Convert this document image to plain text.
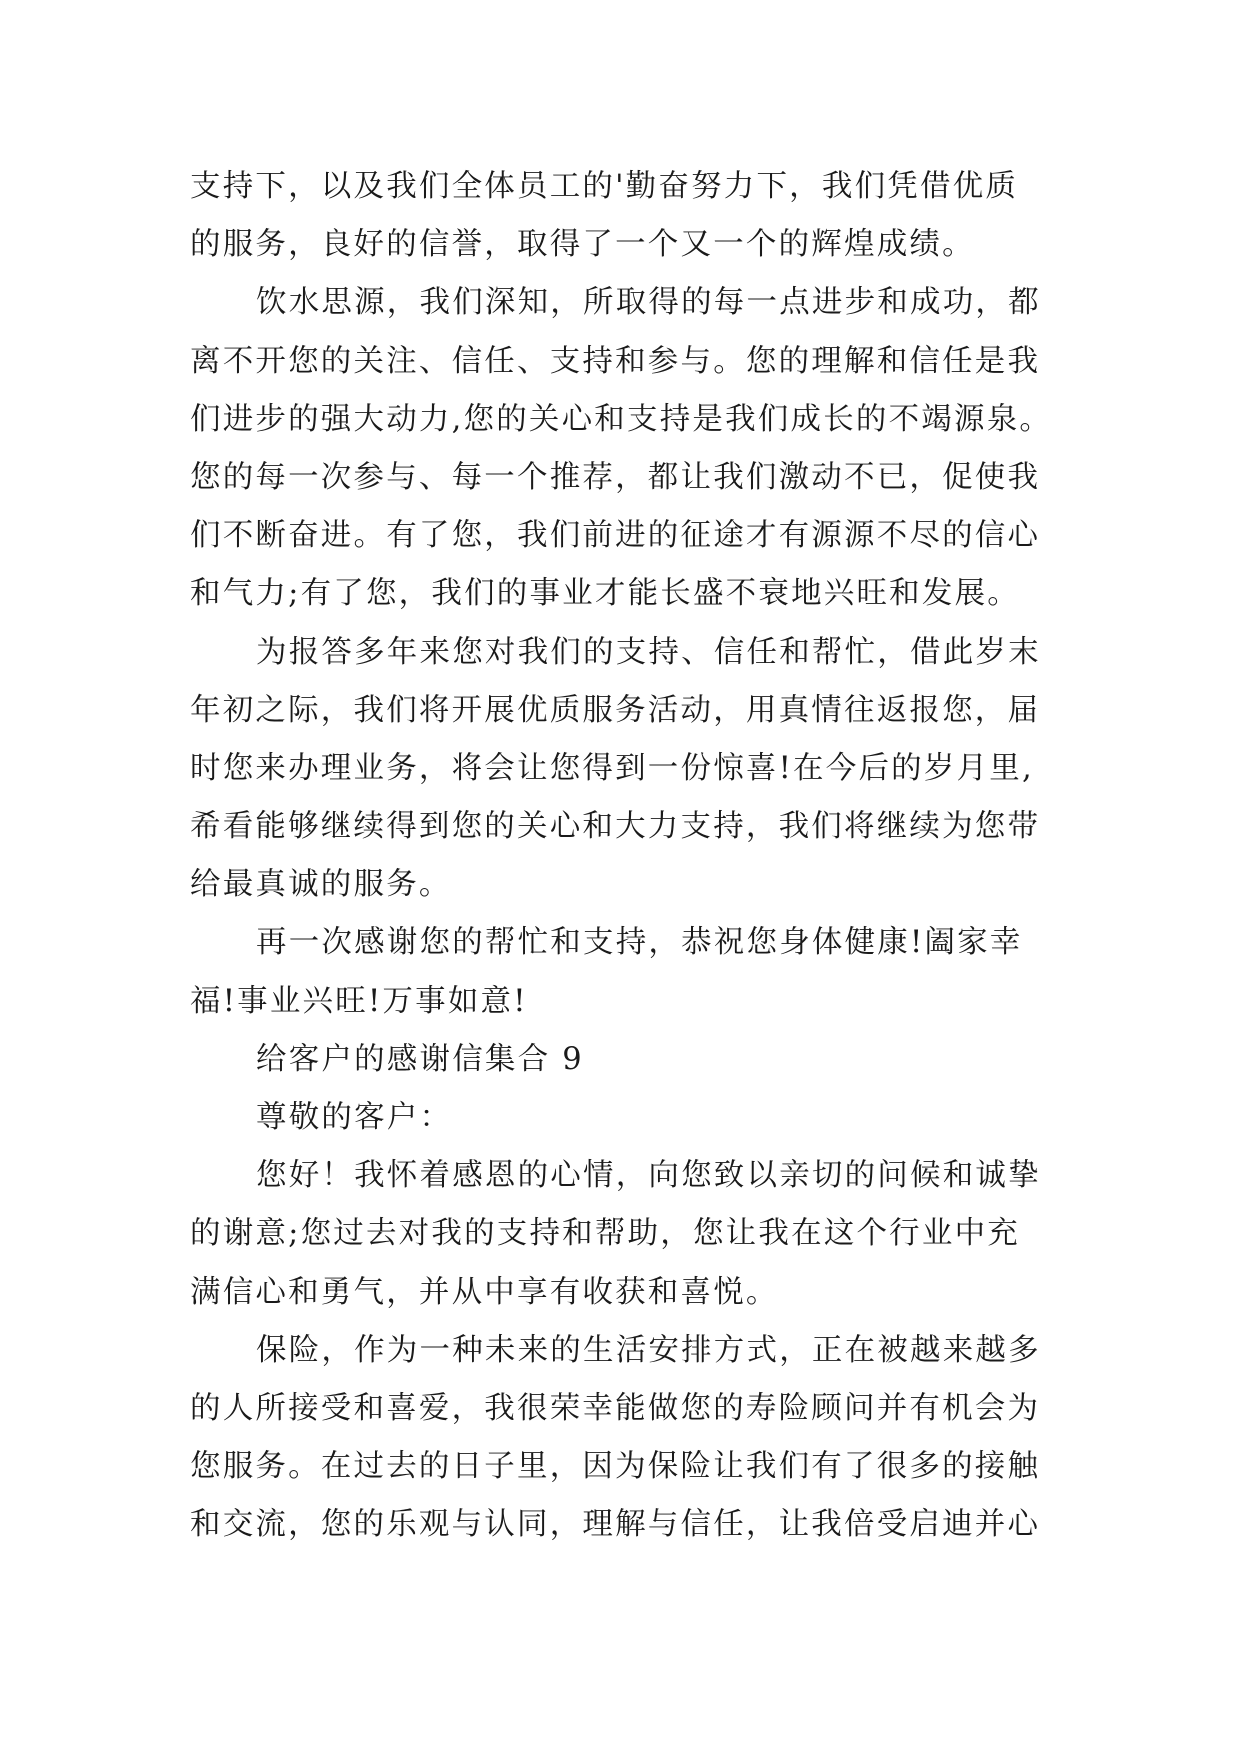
支持下，以及我们全体员工的'勤奋努力下，我们凭借优质
的服务，良好的信誉，取得了一个又一个的辉煌成绩。
饮水思源，我们深知，所取得的每一点进步和成功，都
离不开您的关注、信任、支持和参与。您的理解和信任是我
们进步的强大动力,您的关心和支持是我们成长的不竭源泉。
您的每一次参与、每一个推荐，都让我们激动不已，促使我
们不断奋进。有了您，我们前进的征途才有源源不尽的信心
和气力;有了您，我们的事业才能长盛不衰地兴旺和发展。
为报答多年来您对我们的支持、信任和帮忙，借此岁末
年初之际，我们将开展优质服务活动，用真情往返报您，届
时您来办理业务，将会让您得到一份惊喜!在今后的岁月里,
希看能够继续得到您的关心和大力支持，我们将继续为您带
给最真诚的服务。
再一次感谢您的帮忙和支持，恭祝您身体健康!阖家幸
福!事业兴旺!万事如意!
给客户的感谢信集合 9
尊敬的客户：
您好！我怀着感恩的心情，向您致以亲切的问候和诚挚
的谢意;您过去对我的支持和帮助，您让我在这个行业中充
满信心和勇气，并从中享有收获和喜悦。
保险，作为一种未来的生活安排方式，正在被越来越多
的人所接受和喜爱，我很荣幸能做您的寿险顾问并有机会为
您服务。在过去的日子里，因为保险让我们有了很多的接触
和交流，您的乐观与认同，理解与信任，让我倍受启迪并心
